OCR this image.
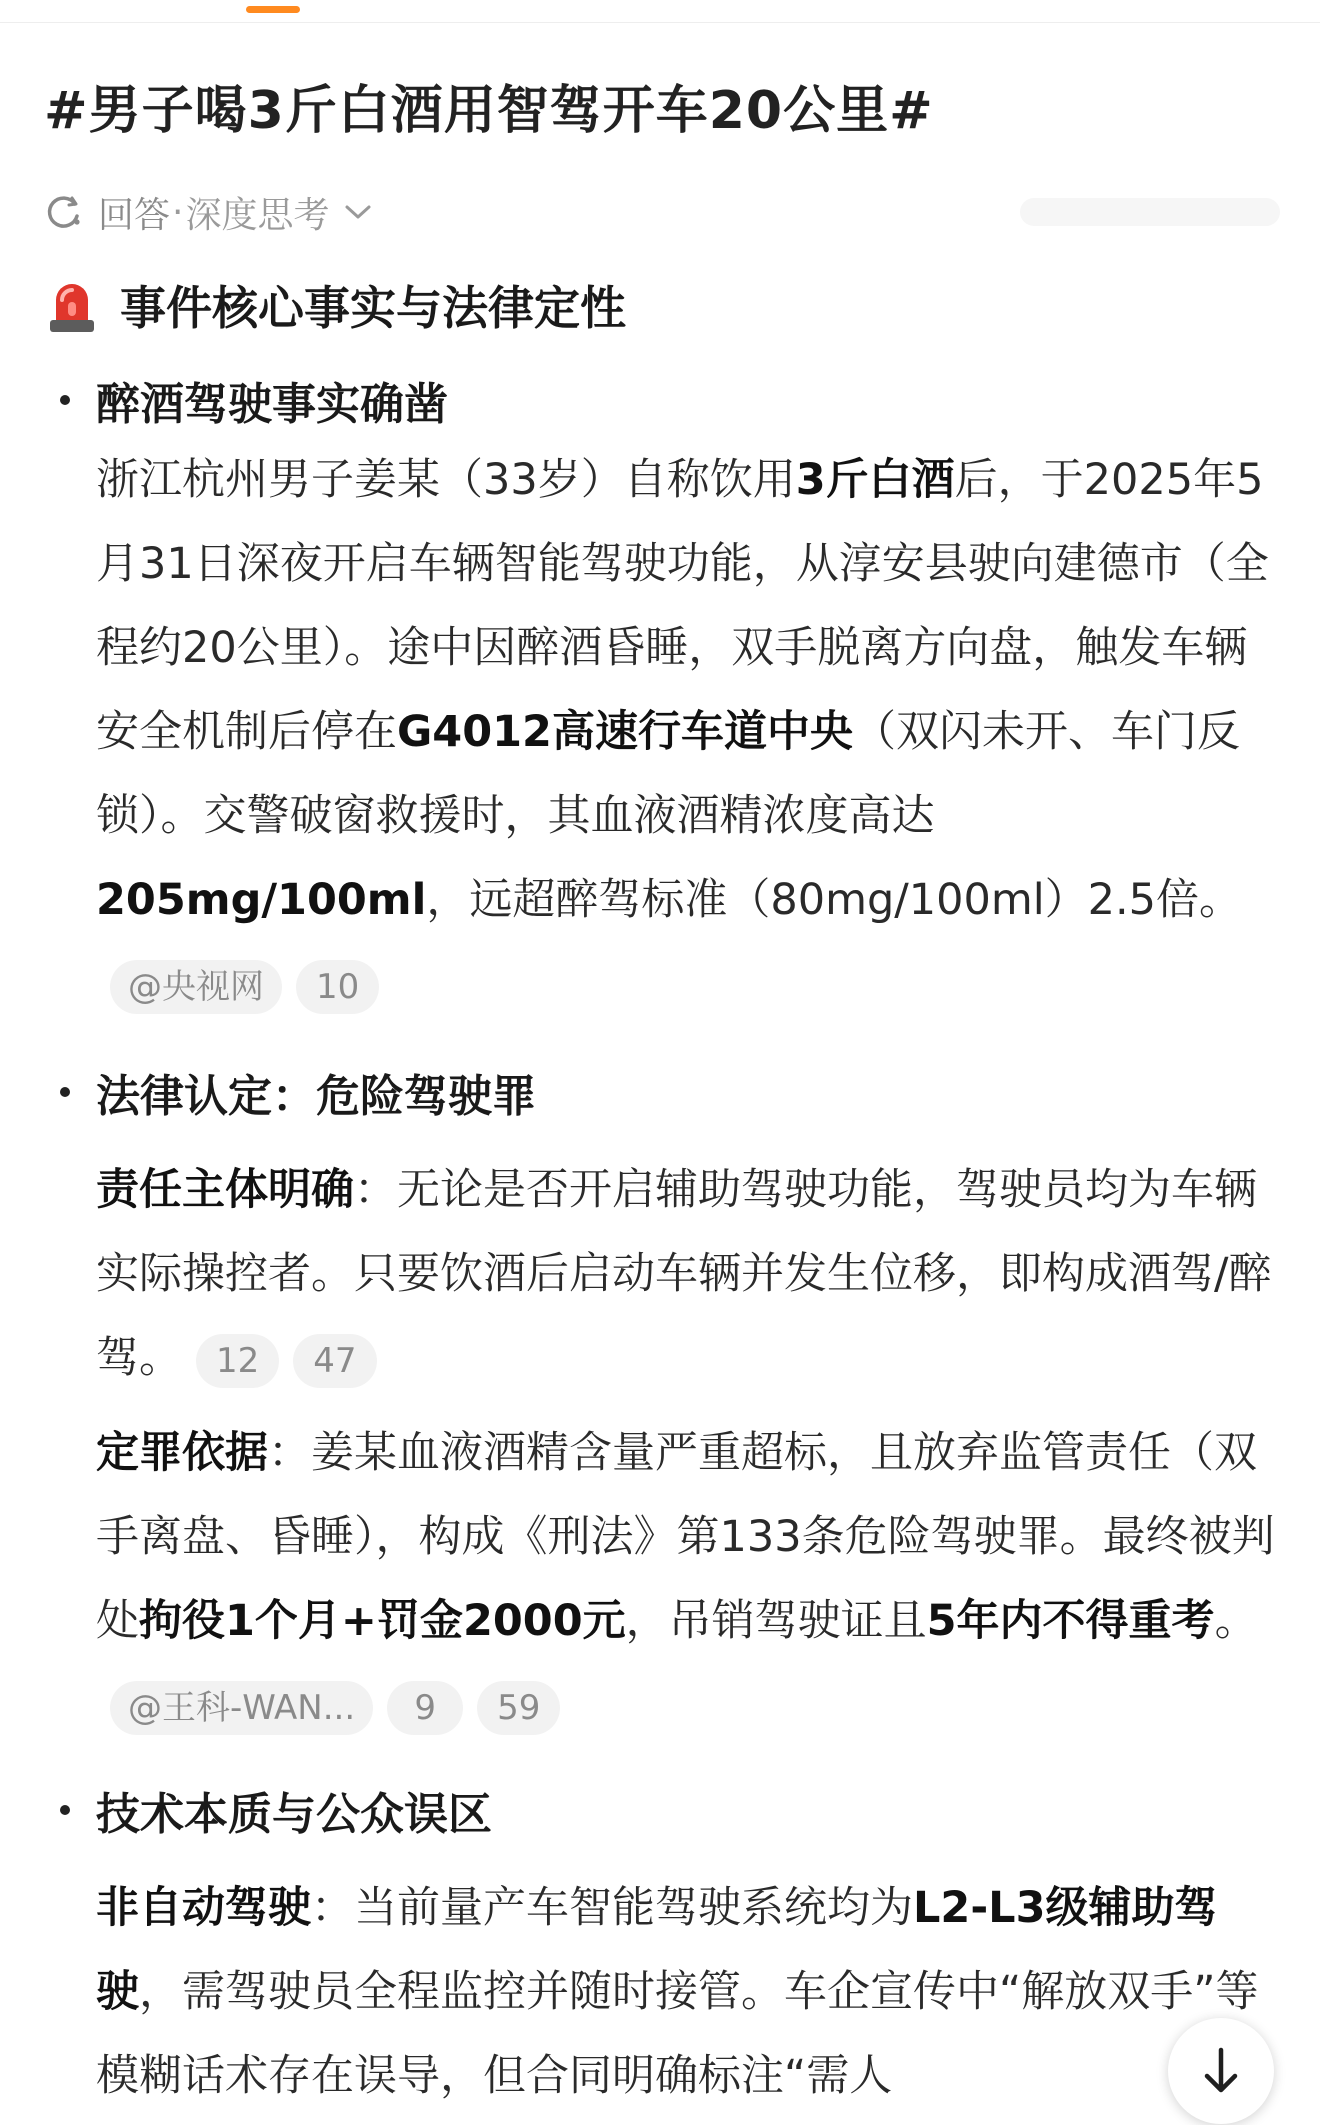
#男子喝3斤白酒用智驾开车20公里#
回答 · 深度思考
事件核心事实与法律定性
醉酒驾驶事实确凿
浙江杭州男子姜某（33岁）自称饮用3斤白酒后，于2025年5月31日深夜开启车辆智能驾驶功能，从淳安县驶向建德市（全程约20公里）。途中因醉酒昏睡，双手脱离方向盘，触发车辆安全机制后停在G4012高速行车道中央（双闪未开、车门反锁）。交警破窗救援时，其血液酒精浓度高达205mg/100ml，远超醉驾标准（80mg/100ml）2.5倍。@央视网 10
法律认定：危险驾驶罪
责任主体明确：无论是否开启辅助驾驶功能，驾驶员均为车辆实际操控者。只要饮酒后启动车辆并发生位移，即构成酒驾/醉驾。 12 47
定罪依据：姜某血液酒精含量严重超标，且放弃监管责任（双手离盘、昏睡），构成《刑法》第133条危险驾驶罪。最终被判处拘役1个月+罚金2000元，吊销驾驶证且5年内不得重考。@王科-WAN... 9 59
技术本质与公众误区
非自动驾驶：当前量产车智能驾驶系统均为L2-L3级辅助驾驶，需驾驶员全程监控并随时接管。车企宣传中“解放双手”等模糊话术存在误导，但合同明确标注“需人
